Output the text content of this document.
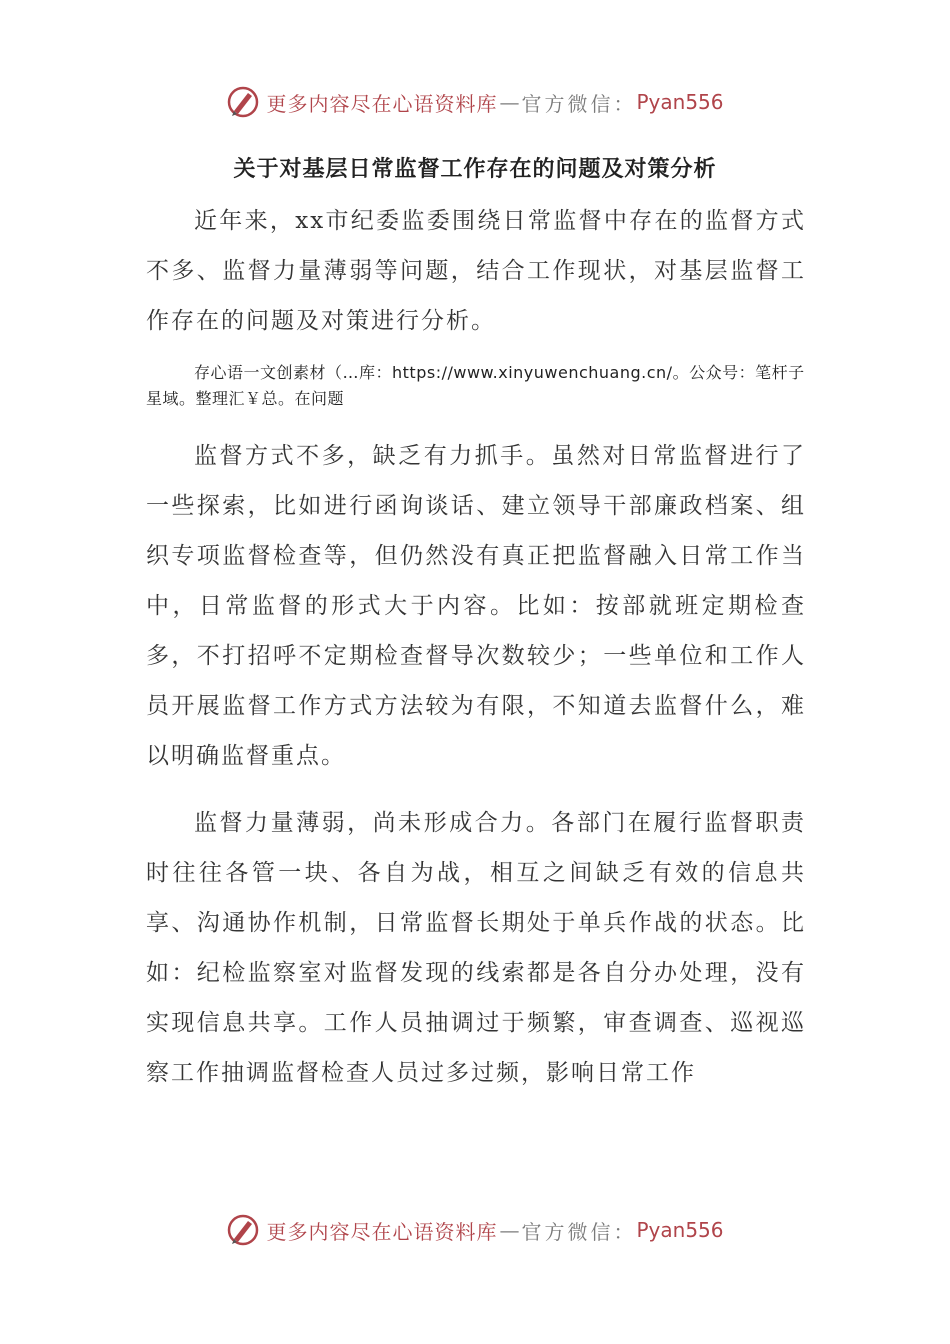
更多内容尽在心语资料库 — 官方微信： Pyan556
关于对基层日常监督工作存在的问题及对策分析
近年来，xx市纪委监委围绕日常监督中存在的监督方式不多、监督力量薄弱等问题，结合工作现状，对基层监督工作存在的问题及对策进行分析。
存心语一文创素材（…库：https://www.xinyuwenchuang.cn/。公众号：笔杆子星域。整理汇￥总。在问题
监督方式不多，缺乏有力抓手。虽然对日常监督进行了一些探索，比如进行函询谈话、建立领导干部廉政档案、组织专项监督检查等，但仍然没有真正把监督融入日常工作当中，日常监督的形式大于内容。比如：按部就班定期检查多，不打招呼不定期检查督导次数较少；一些单位和工作人员开展监督工作方式方法较为有限，不知道去监督什么，难以明确监督重点。
监督力量薄弱，尚未形成合力。各部门在履行监督职责时往往各管一块、各自为战，相互之间缺乏有效的信息共享、沟通协作机制，日常监督长期处于单兵作战的状态。比如：纪检监察室对监督发现的线索都是各自分办处理，没有实现信息共享。工作人员抽调过于频繁，审查调查、巡视巡察工作抽调监督检查人员过多过频，影响日常工作
更多内容尽在心语资料库 — 官方微信： Pyan556
